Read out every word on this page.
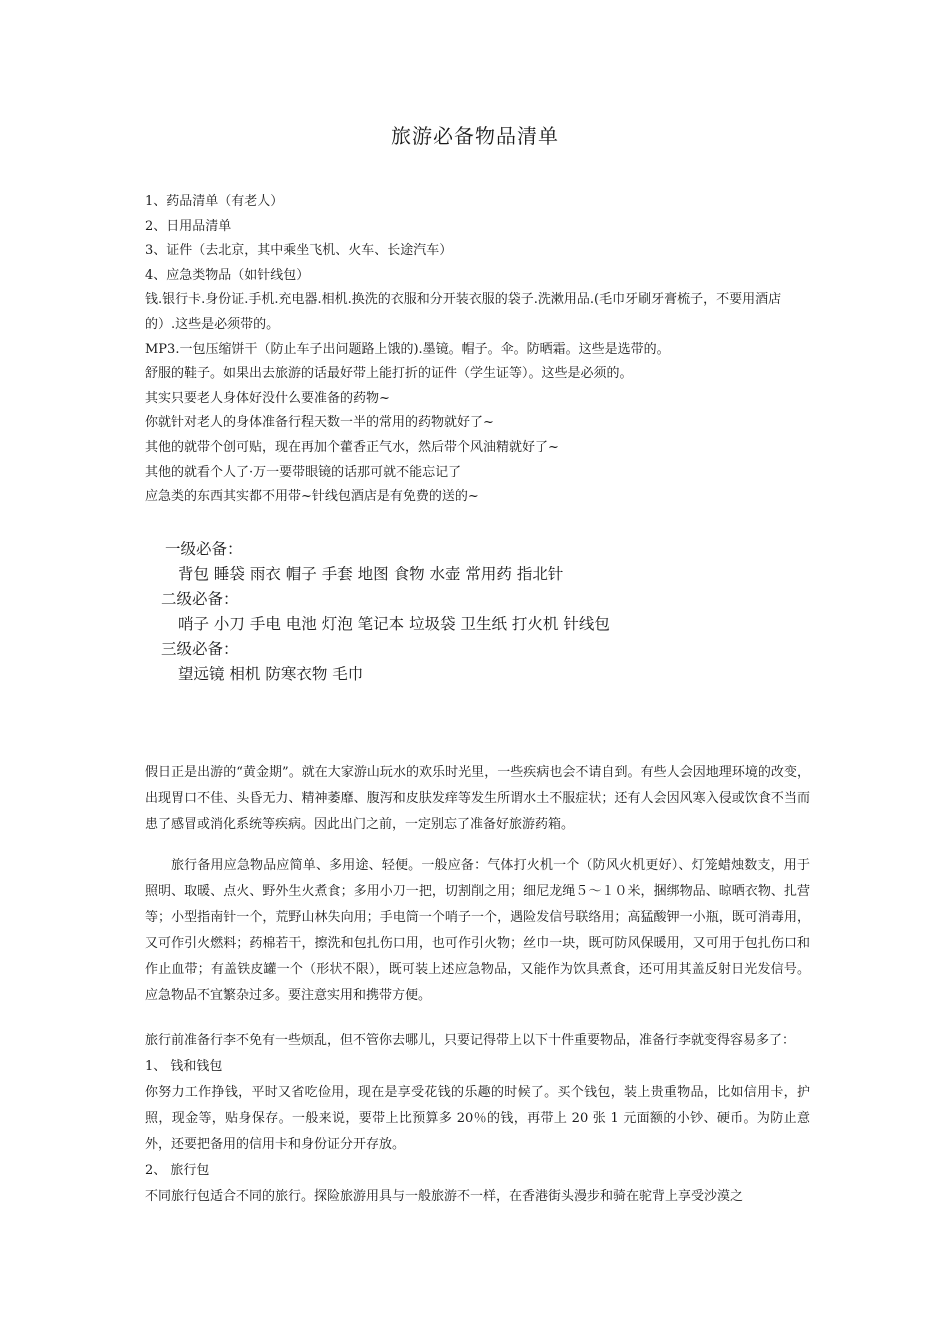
旅游必备物品清单

1、药品清单（有老人）

2、日用品清单

3、证件（去北京，其中乘坐飞机、火车、长途汽车）

4、应急类物品（如针线包）

钱.银行卡.身份证.手机.充电器.相机.换洗的衣服和分开装衣服的袋子.洗漱用品.(毛巾牙刷牙膏梳子，不要用酒店的）.这些是必须带的。

MP3.一包压缩饼干（防止车子出问题路上饿的).墨镜。帽子。伞。防晒霜。这些是选带的。

舒服的鞋子。如果出去旅游的话最好带上能打折的证件（学生证等）。这些是必须的。

其实只要老人身体好没什么要准备的药物~

你就针对老人的身体准备行程天数一半的常用的药物就好了~

其他的就带个创可贴，现在再加个藿香正气水，然后带个风油精就好了~

其他的就看个人了·万一要带眼镜的话那可就不能忘记了

应急类的东西其实都不用带~针线包酒店是有免费的送的~

一级必备：

背包 睡袋 雨衣 帽子 手套 地图 食物 水壶 常用药 指北针

二级必备：

哨子 小刀 手电 电池 灯泡 笔记本 垃圾袋 卫生纸 打火机 针线包

三级必备：

望远镜 相机 防寒衣物 毛巾

假日正是出游的“黄金期”。就在大家游山玩水的欢乐时光里，一些疾病也会不请自到。有些人会因地理环境的改变，出现胃口不佳、头昏无力、精神萎靡、腹泻和皮肤发痒等发生所谓水土不服症状；还有人会因风寒入侵或饮食不当而患了感冒或消化系统等疾病。因此出门之前，一定别忘了准备好旅游药箱。

旅行备用应急物品应简单、多用途、轻便。一般应备：气体打火机一个（防风火机更好）、灯笼蜡烛数支，用于照明、取暖、点火、野外生火煮食；多用小刀一把，切割削之用；细尼龙绳５～１０米，捆绑物品、晾晒衣物、扎营等；小型指南针一个，荒野山林失向用；手电筒一个哨子一个，遇险发信号联络用；高猛酸钾一小瓶，既可消毒用，又可作引火燃料；药棉若干，擦洗和包扎伤口用，也可作引火物；丝巾一块，既可防风保暖用，又可用于包扎伤口和作止血带；有盖铁皮罐一个（形状不限），既可装上述应急物品，又能作为饮具煮食，还可用其盖反射日光发信号。应急物品不宜繁杂过多。要注意实用和携带方便。

旅行前准备行李不免有一些烦乱，但不管你去哪儿，只要记得带上以下十件重要物品，准备行李就变得容易多了：

1、 钱和钱包

你努力工作挣钱，平时又省吃俭用，现在是享受花钱的乐趣的时候了。买个钱包，装上贵重物品，比如信用卡，护照，现金等，贴身保存。一般来说，要带上比预算多 20％的钱，再带上 20 张 1 元面额的小钞、硬币。为防止意外，还要把备用的信用卡和身份证分开存放。

2、 旅行包

不同旅行包适合不同的旅行。探险旅游用具与一般旅游不一样，在香港街头漫步和骑在驼背上享受沙漠之
